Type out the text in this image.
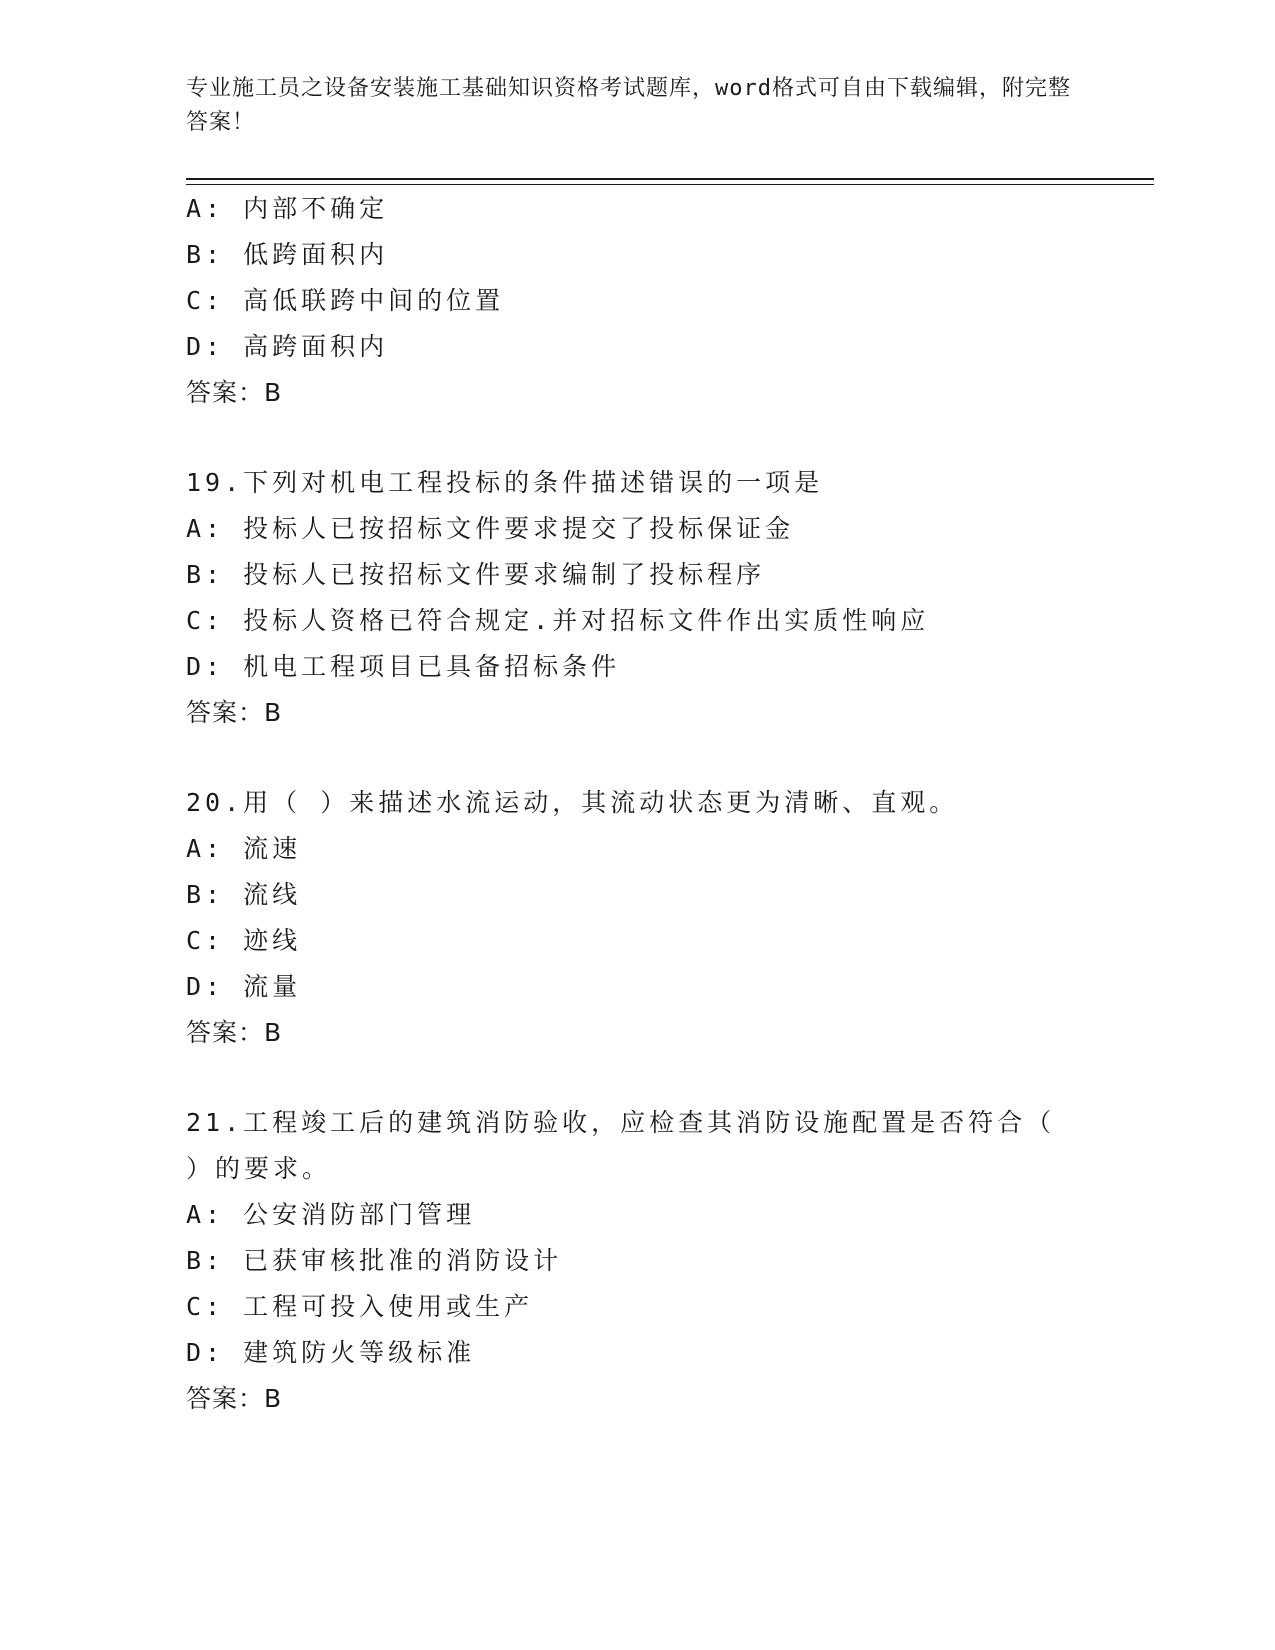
专业施工员之设备安装施工基础知识资格考试题库，word格式可自由下载编辑，附完整答案！
A: 内部不确定
B: 低跨面积内
C: 高低联跨中间的位置
D: 高跨面积内
答案：B
19.下列对机电工程投标的条件描述错误的一项是
A: 投标人已按招标文件要求提交了投标保证金
B: 投标人已按招标文件要求编制了投标程序
C: 投标人资格已符合规定.并对招标文件作出实质性响应
D: 机电工程项目已具备招标条件
答案：B
20.用（ ）来描述水流运动，其流动状态更为清晰、直观。
A: 流速
B: 流线
C: 迹线
D: 流量
答案：B
21.工程竣工后的建筑消防验收，应检查其消防设施配置是否符合（ ）的要求。
A: 公安消防部门管理
B: 已获审核批准的消防设计
C: 工程可投入使用或生产
D: 建筑防火等级标准
答案：B
